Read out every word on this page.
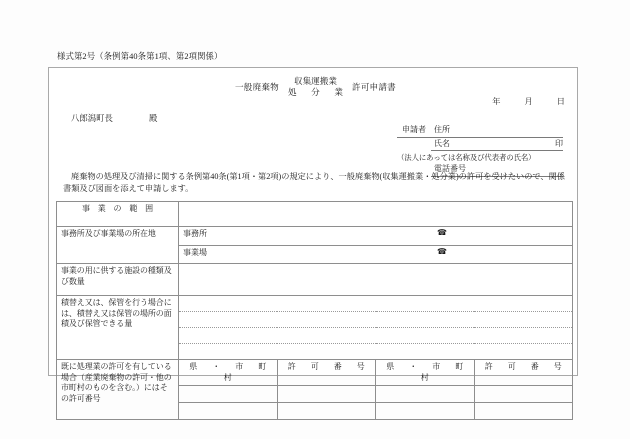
様式第2号（条例第40条第1項、第2項関係）
一般廃棄物
収集運搬業
処　分　業 許可申請書
年	月	日
八郎潟町長	殿
申請者	住所
氏名	印
（法人にあっては名称及び代表者の氏名）
電話番号
廃棄物の処理及び清掃に関する条例第40条(第1項・第2項)の規定により、一般廃棄物(収集運搬業・処分業)の許可を受けたいので、関係書類及び図面を添えて申請します。
事　業　の　範　囲				

事務所及び事業場の所在地	事務所 ☎			

	事業場 ☎			

事業の用に供する施設の種類及び数量				
積替え又は、保管を行う場合には、積替え又は保管の場所の面積及び保管できる量				

既に処理業の許可を有している場合（産業廃棄物の許可・他の市町村のものを含む。）にはその許可番号	県　・　市　町　村	許　可　番　号	県　・　市　町　村	許　可　番　号
